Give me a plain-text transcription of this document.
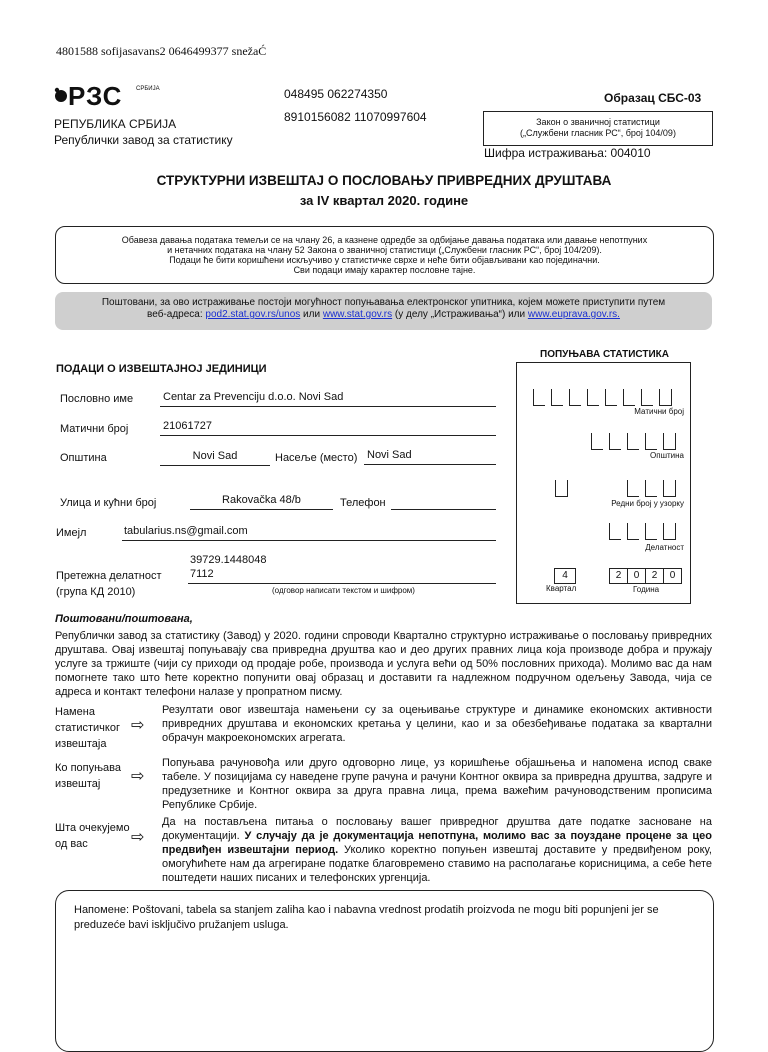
4801588 sofijasavans2 0646499377 snežaĆ
РЗС СРБИЈА
РЕПУБЛИКА СРБИЈА
Републички завод за статистику
048495 062274350
8910156082 11070997604
Образац СБС-03
Закон о званичној статистици
(„Службени гласник РС“, број 104/09)
Шифра истраживања: 004010
СТРУКТУРНИ ИЗВЕШТАЈ О ПОСЛОВАЊУ ПРИВРЕДНИХ ДРУШТАВА
за IV квартал 2020. године
Обавеза давања података темељи се на члану 26, а казнене одредбе за одбијање давања података или давање непотпуних
и нетачних података на члану 52 Закона о званичној статистици („Службени гласник РС“, број 104/209).
Подаци ће бити коришћени искључиво у статистичке сврхе и неће бити објављивани као појединачни.
Сви подаци имају карактер пословне тајне.
Поштовани, за ово истраживање постоји могућност попуњавања електронског упитника, којем можете приступити путем
веб-адреса: pod2.stat.gov.rs/unos или www.stat.gov.rs (у делу „Истраживања“) или www.euprava.gov.rs.
ПОДАЦИ О ИЗВЕШТАЈНОЈ ЈЕДИНИЦИ
Пословно име	Centar za Prevenciju d.o.o. Novi Sad
Матични број	21061727
Општина	Novi Sad	Насеље (место) Novi Sad
Улица и кућни број	Rakovačka 48/b	Телефон
Имејл	tabularius.ns@gmail.com
Претежна делатност
(група КД 2010)
39729.1448048
7112
(одговор написати текстом и шифром)
ПОПУЊАВА СТАТИСТИКА
Матични број
Општина
Редни број у узорку
Делатност
4
Квартал
2	0	2	0
Година
Поштовани/поштована,
Републички завод за статистику (Завод) у 2020. години спроводи Квартално структурно истраживање о пословању привредних друштава. Овај извештај попуњавају сва привредна друштва као и део других правних лица која производе добра и пружају услуге за тржиште (чији су приходи од продаје робе, производа и услуга већи од 50% пословних прихода). Молимо вас да нам помогнете тако што ћете коректно попунити овај образац и доставити га надлежном подручном одељењу Завода, чија се адреса и контакт телефони налазе у пропратном писму.
Намена
статистичког
извештаја
⇨
Резултати овог извештаја намењени су за оцењивање структуре и динамике економских активности привредних друштава и економских кретања у целини, као и за обезбеђивање података за квартални обрачун макроекономских агрегата.
Ко попуњава
извештај	⇨
Попуњава рачуновођа или друго одговорно лице, уз коришћење објашњења и напомена испод сваке табеле. У позицијама су наведене групе рачуна и рачуни Контног оквира за привредна друштва, задруге и предузетнике и Контног оквира за друга правна лица, према важећим рачуноводственим прописима Републике Србије.
Шта очекујемо
од вас	⇨
Да на постављена питања о пословању вашег привредног друштва дате податке засноване на документацији. У случају да је документација непотпуна, молимо вас за поуздане процене за цео предвиђен извештајни период. Уколико коректно попуњен извештај доставите у предвиђеном року, омогућићете нам да агрегиране податке благовремено ставимо на располагање корисницима, а себе ћете поштедети наших писаних и телефонских ургенција.
Напомене: Poštovani, tabela sa stanjem zaliha kao i nabavna vrednost prodatih proizvoda ne mogu biti popunjeni jer se preduzeće bavi isključivo pružanjem usluga.
